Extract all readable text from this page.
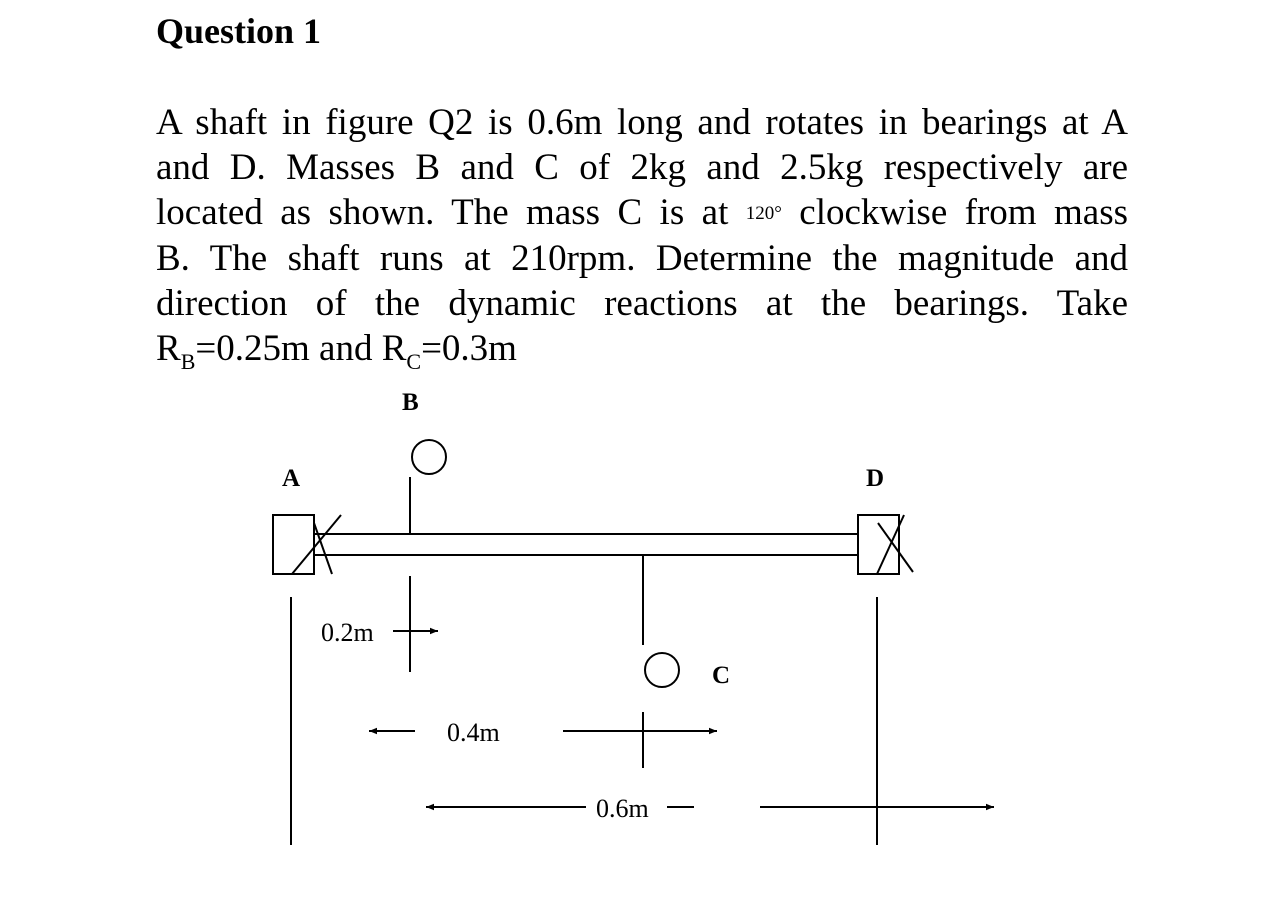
Question 1
A shaft in figure Q2 is 0.6m long and rotates in bearings at A
and D. Masses B and C of 2kg and 2.5kg respectively are
located as shown. The mass C is at 120° clockwise from mass
B. The shaft runs at 210rpm. Determine the magnitude and
direction of the dynamic reactions at the bearings. Take
$R_B=0.25m$ and $R_C=0.3m$
B
A	D
C
0.2m
0.4m
0.6m
